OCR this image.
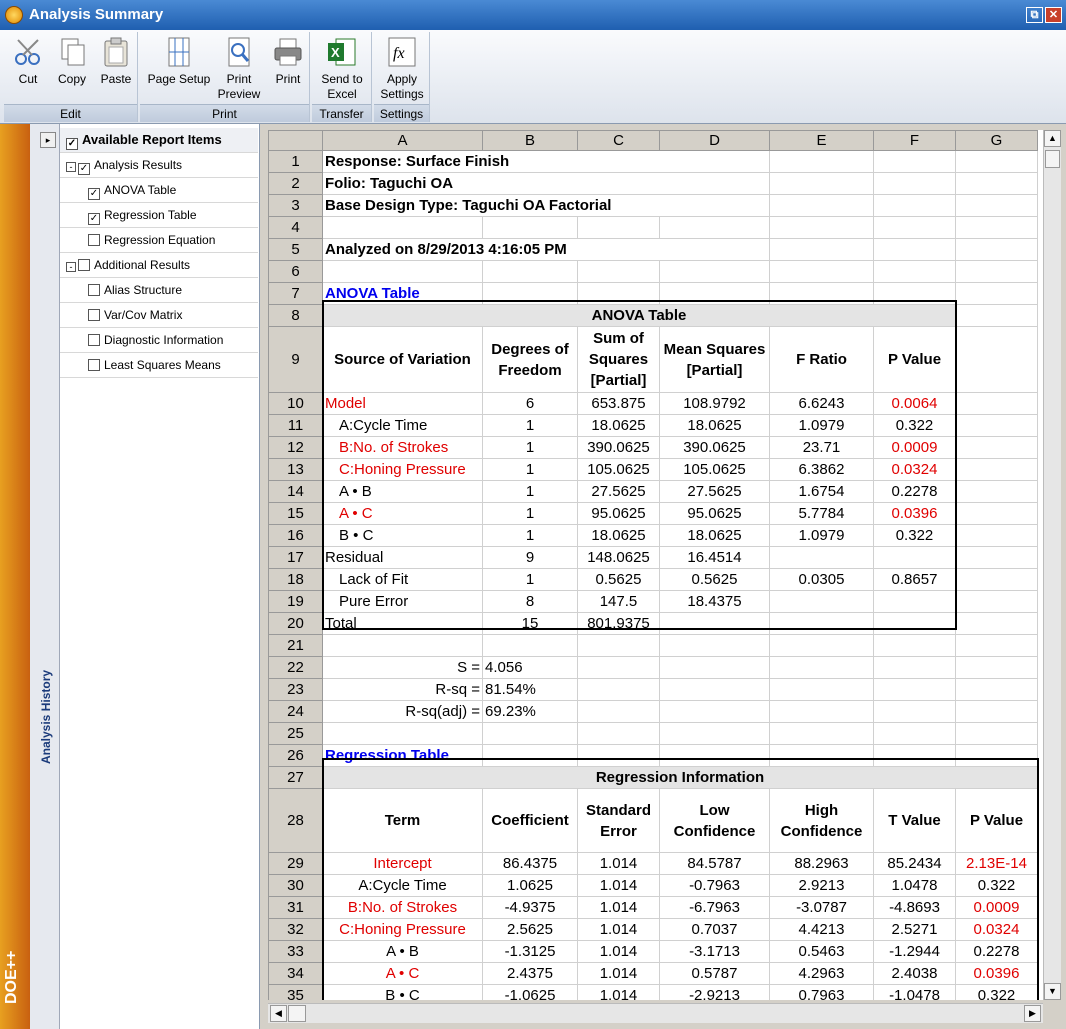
Analysis Summary	⧉ ✕
Cut	Copy	Paste
Edit
Page Setup	Print Preview
Print
Print
X
Send to Excel
Transfer
fx
Apply Settings
Settings
DOE++
▸
Analysis History
✓ Available Report Items
- ✓ Analysis Results
✓ ANOVA Table
✓ Regression Table
Regression Equation
- Additional Results
Alias Structure
Var/Cov Matrix
Diagnostic Information
Least Squares Means
	A	B	C	D	E	F	G
1	Response: Surface Finish						
2	Folio: Taguchi OA						
3	Base Design Type: Taguchi OA Factorial						
4							
5	Analyzed on 8/29/2013 4:16:05 PM						
6							
7	ANOVA Table						
8	ANOVA Table						
9	Source of Variation	Degrees of Freedom	Sum of Squares [Partial]	Mean Squares [Partial]	F Ratio	P Value	
10	Model	6	653.875	108.9792	6.6243	0.0064	
11	A:Cycle Time	1	18.0625	18.0625	1.0979	0.322	
12	B:No. of Strokes	1	390.0625	390.0625	23.71	0.0009	
13	C:Honing Pressure	1	105.0625	105.0625	6.3862	0.0324	
14	A • B	1	27.5625	27.5625	1.6754	0.2278	
15	A • C	1	95.0625	95.0625	5.7784	0.0396	
16	B • C	1	18.0625	18.0625	1.0979	0.322	
17	Residual	9	148.0625	16.4514			
18	Lack of Fit	1	0.5625	0.5625	0.0305	0.8657	
19	Pure Error	8	147.5	18.4375			
20	Total	15	801.9375				
21							
22	S =	4.056					
23	R-sq =	81.54%					
24	R-sq(adj) =	69.23%					
25							
26	Regression Table						
27	Regression Information						
28	Term	Coefficient	Standard Error	Low Confidence	High Confidence	T Value	P Value
29	Intercept	86.4375	1.014	84.5787	88.2963	85.2434	2.13E-14
30	A:Cycle Time	1.0625	1.014	-0.7963	2.9213	1.0478	0.322
31	B:No. of Strokes	-4.9375	1.014	-6.7963	-3.0787	-4.8693	0.0009
32	C:Honing Pressure	2.5625	1.014	0.7037	4.4213	2.5271	0.0324
33	A • B	-1.3125	1.014	-3.1713	0.5463	-1.2944	0.2278
34	A • C	2.4375	1.014	0.5787	4.2963	2.4038	0.0396
35	B • C	-1.0625	1.014	-2.9213	0.7963	-1.0478	0.322
▲
▼
◀	▶
